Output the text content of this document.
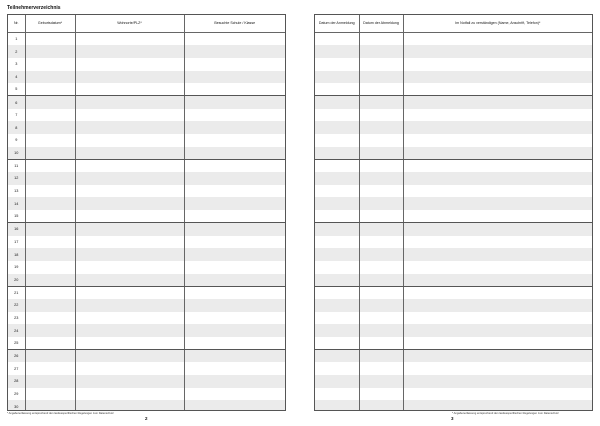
Teilnehmerverzeichnis
Nr.	Geburtsdatum*	Wohnorte/PLZ*	Besuchte Schule / Klasse
1			
2			
3			
4			
5			
6			
7			
8			
9			
10			
11			
12			
13			
14			
15			
16			
17			
18			
19			
20			
21			
22			
23			
24			
25			
26			
27			
28			
29			
30			
Datum der Anmeldung	Datum der Abmeldung	Im Notfall zu verständigen (Name, Anschrift, Telefon)*

* Angabenerfassung entsprechend den landesspezifischen Regelungen zum Datenschutz
2
* Angabenerfassung entsprechend den landesspezifischen Regelungen zum Datenschutz
3
